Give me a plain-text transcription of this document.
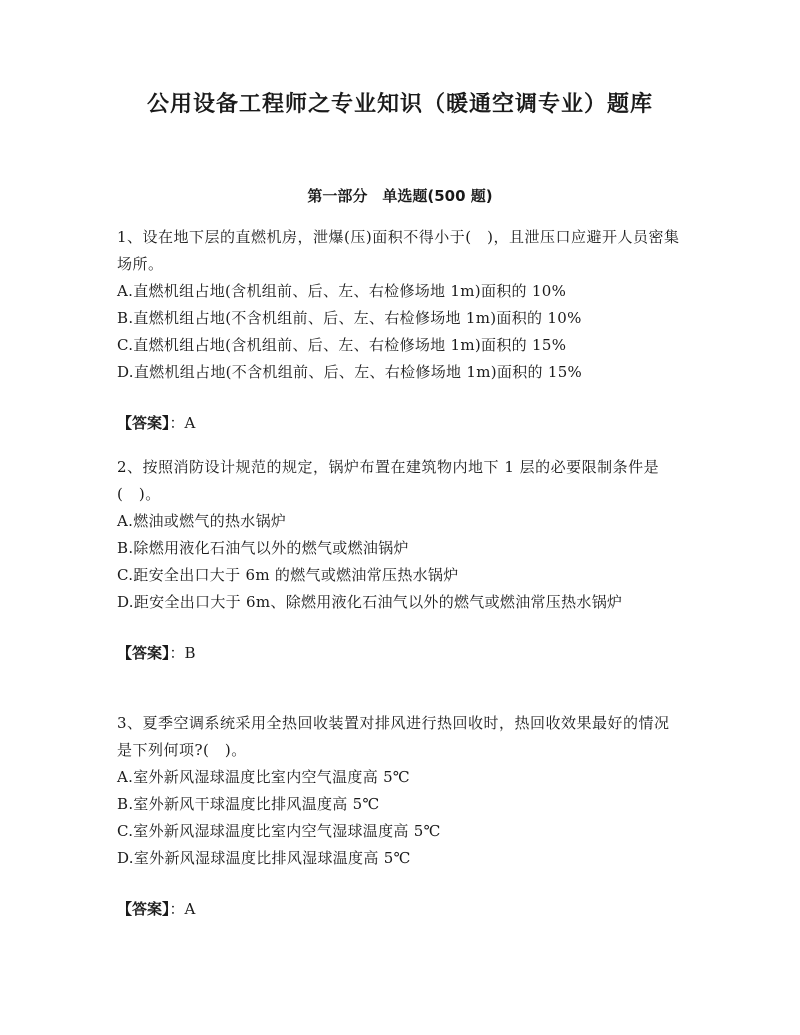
公用设备工程师之专业知识（暖通空调专业）题库
第一部分　单选题(500 题)

1、设在地下层的直燃机房，泄爆(压)面积不得小于(　)，且泄压口应避开人员密集场所。

A.直燃机组占地(含机组前、后、左、右检修场地 1m)面积的 10%

B.直燃机组占地(不含机组前、后、左、右检修场地 1m)面积的 10%

C.直燃机组占地(含机组前、后、左、右检修场地 1m)面积的 15%

D.直燃机组占地(不含机组前、后、左、右检修场地 1m)面积的 15%

【答案】：A

2、按照消防设计规范的规定，锅炉布置在建筑物内地下 1 层的必要限制条件是(　)。

A.燃油或燃气的热水锅炉

B.除燃用液化石油气以外的燃气或燃油锅炉

C.距安全出口大于 6m 的燃气或燃油常压热水锅炉

D.距安全出口大于 6m、除燃用液化石油气以外的燃气或燃油常压热水锅炉

【答案】：B

3、夏季空调系统采用全热回收装置对排风进行热回收时，热回收效果最好的情况是下列何项?(　)。

A.室外新风湿球温度比室内空气温度高 5℃

B.室外新风干球温度比排风温度高 5℃

C.室外新风湿球温度比室内空气湿球温度高 5℃

D.室外新风湿球温度比排风湿球温度高 5℃

【答案】：A
